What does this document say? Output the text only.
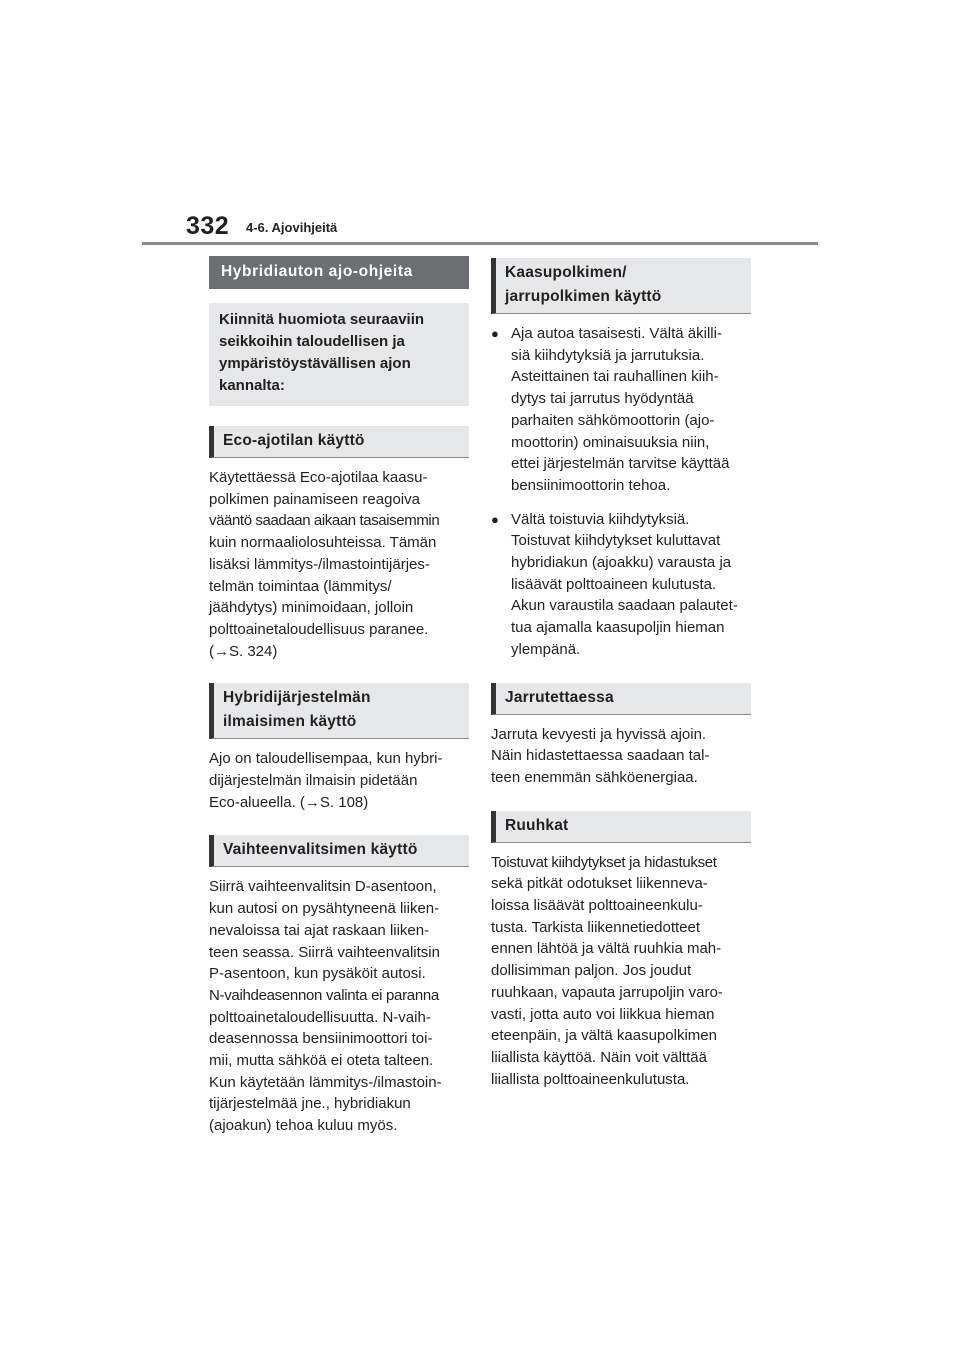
332 4-6. Ajovihjeitä
Hybridiauton ajo-ohjeita
Kiinnitä huomiota seuraaviin
seikkoihin taloudellisen ja
ympäristöystävällisen ajon
kannalta:
Eco-ajotilan käyttö

Käytettäessä Eco-ajotilaa kaasu-

polkimen painamiseen reagoiva

vääntö saadaan aikaan tasaisemmin

kuin normaaliolosuhteissa. Tämän

lisäksi lämmitys-/ilmastointijärjes-

telmän toimintaa (lämmitys/

jäähdytys) minimoidaan, jolloin

polttoainetaloudellisuus paranee.

(→S. 324)

Hybridijärjestelmän
ilmaisimen käyttö

Ajo on taloudellisempaa, kun hybri-

dijärjestelmän ilmaisin pidetään

Eco-alueella. (→S. 108)

Vaihteenvalitsimen käyttö

Siirrä vaihteenvalitsin D-asentoon,

kun autosi on pysähtyneenä liiken-

nevaloissa tai ajat raskaan liiken-

teen seassa. Siirrä vaihteenvalitsin

P-asentoon, kun pysäköit autosi.

N-vaihdeasennon valinta ei paranna

polttoainetaloudellisuutta. N-vaih-

deasennossa bensiinimoottori toi-

mii, mutta sähköä ei oteta talteen.

Kun käytetään lämmitys-/ilmastoin-

tijärjestelmää jne., hybridiakun

(ajoakun) tehoa kuluu myös.

Kaasupolkimen/
jarrupolkimen käyttö
● Aja autoa tasaisesti. Vältä äkilli-
siä kiihdytyksiä ja jarrutuksia.
Asteittainen tai rauhallinen kiih-
dytys tai jarrutus hyödyntää
parhaiten sähkömoottorin (ajo-
moottorin) ominaisuuksia niin,
ettei järjestelmän tarvitse käyttää
bensiinimoottorin tehoa.
● Vältä toistuvia kiihdytyksiä.
Toistuvat kiihdytykset kuluttavat
hybridiakun (ajoakku) varausta ja
lisäävät polttoaineen kulutusta.
Akun varaustila saadaan palautet-
tua ajamalla kaasupoljin hieman
ylempänä.
Jarrutettaessa

Jarruta kevyesti ja hyvissä ajoin.

Näin hidastettaessa saadaan tal-

teen enemmän sähköenergiaa.

Ruuhkat

Toistuvat kiihdytykset ja hidastukset

sekä pitkät odotukset liikenneva-

loissa lisäävät polttoaineenkulu-

tusta. Tarkista liikennetiedotteet

ennen lähtöä ja vältä ruuhkia mah-

dollisimman paljon. Jos joudut

ruuhkaan, vapauta jarrupoljin varo-

vasti, jotta auto voi liikkua hieman

eteenpäin, ja vältä kaasupolkimen

liiallista käyttöä. Näin voit välttää

liiallista polttoaineenkulutusta.
